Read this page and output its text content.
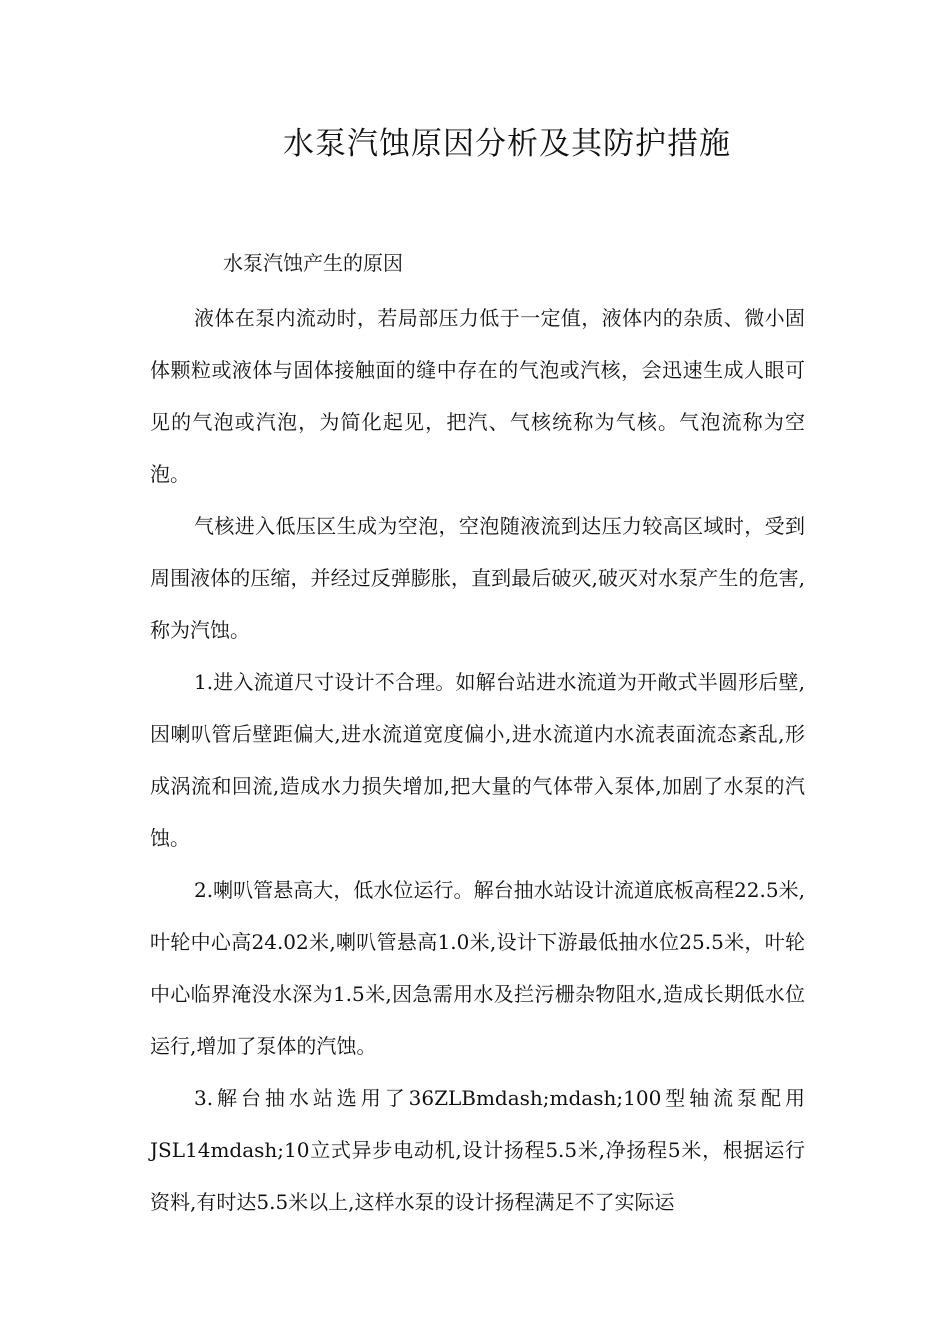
水泵汽蚀原因分析及其防护措施
水泵汽蚀产生的原因

液体在泵内流动时，若局部压力低于一定值，液体内的杂质、微小固体颗粒或液体与固体接触面的缝中存在的气泡或汽核，会迅速生成人眼可见的气泡或汽泡，为简化起见，把汽、气核统称为气核。气泡流称为空泡。

气核进入低压区生成为空泡，空泡随液流到达压力较高区域时，受到周围液体的压缩，并经过反弹膨胀，直到最后破灭,破灭对水泵产生的危害,称为汽蚀。

1.进入流道尺寸设计不合理。如解台站进水流道为开敞式半圆形后壁,因喇叭管后壁距偏大,进水流道宽度偏小,进水流道内水流表面流态紊乱,形成涡流和回流,造成水力损失增加,把大量的气体带入泵体,加剧了水泵的汽蚀。

2.喇叭管悬高大，低水位运行。解台抽水站设计流道底板高程22.5米,叶轮中心高24.02米,喇叭管悬高1.0米,设计下游最低抽水位25.5米，叶轮中心临界淹没水深为1.5米,因急需用水及拦污栅杂物阻水,造成长期低水位运行,增加了泵体的汽蚀。

3.解台抽水站选用了36ZLBmdash;mdash;100型轴流泵配用JSL14mdash;10立式异步电动机,设计扬程5.5米,净扬程5米，根据运行资料,有时达5.5米以上,这样水泵的设计扬程满足不了实际运
